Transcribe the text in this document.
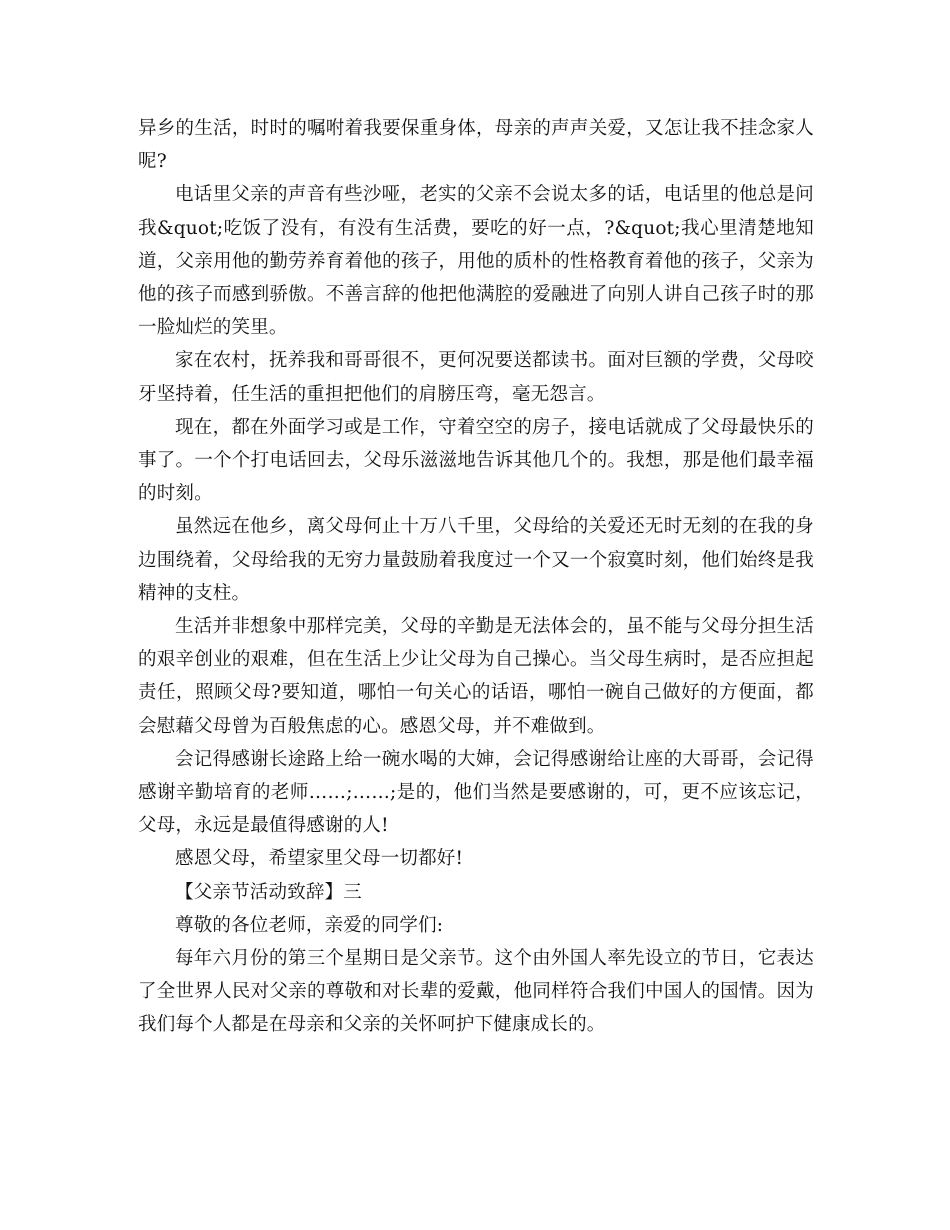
异乡的生活，时时的嘱咐着我要保重身体，母亲的声声关爱，又怎让我不挂念家人呢?

电话里父亲的声音有些沙哑，老实的父亲不会说太多的话，电话里的他总是问我&quot;吃饭了没有，有没有生活费，要吃的好一点，?&quot;我心里清楚地知道，父亲用他的勤劳养育着他的孩子，用他的质朴的性格教育着他的孩子，父亲为他的孩子而感到骄傲。不善言辞的他把他满腔的爱融进了向别人讲自己孩子时的那一脸灿烂的笑里。

家在农村，抚养我和哥哥很不，更何况要送都读书。面对巨额的学费，父母咬牙坚持着，任生活的重担把他们的肩膀压弯，毫无怨言。

现在，都在外面学习或是工作，守着空空的房子，接电话就成了父母最快乐的事了。一个个打电话回去，父母乐滋滋地告诉其他几个的。我想，那是他们最幸福的时刻。

虽然远在他乡，离父母何止十万八千里，父母给的关爱还无时无刻的在我的身边围绕着，父母给我的无穷力量鼓励着我度过一个又一个寂寞时刻，他们始终是我精神的支柱。

生活并非想象中那样完美，父母的辛勤是无法体会的，虽不能与父母分担生活的艰辛创业的艰难，但在生活上少让父母为自己操心。当父母生病时，是否应担起责任，照顾父母?要知道，哪怕一句关心的话语，哪怕一碗自己做好的方便面，都会慰藉父母曾为百般焦虑的心。感恩父母，并不难做到。

会记得感谢长途路上给一碗水喝的大婶，会记得感谢给让座的大哥哥，会记得感谢辛勤培育的老师……;……;是的，他们当然是要感谢的，可，更不应该忘记，父母，永远是最值得感谢的人!

感恩父母，希望家里父母一切都好!

【父亲节活动致辞】三

尊敬的各位老师，亲爱的同学们:

每年六月份的第三个星期日是父亲节。这个由外国人率先设立的节日，它表达了全世界人民对父亲的尊敬和对长辈的爱戴，他同样符合我们中国人的国情。因为我们每个人都是在母亲和父亲的关怀呵护下健康成长的。
